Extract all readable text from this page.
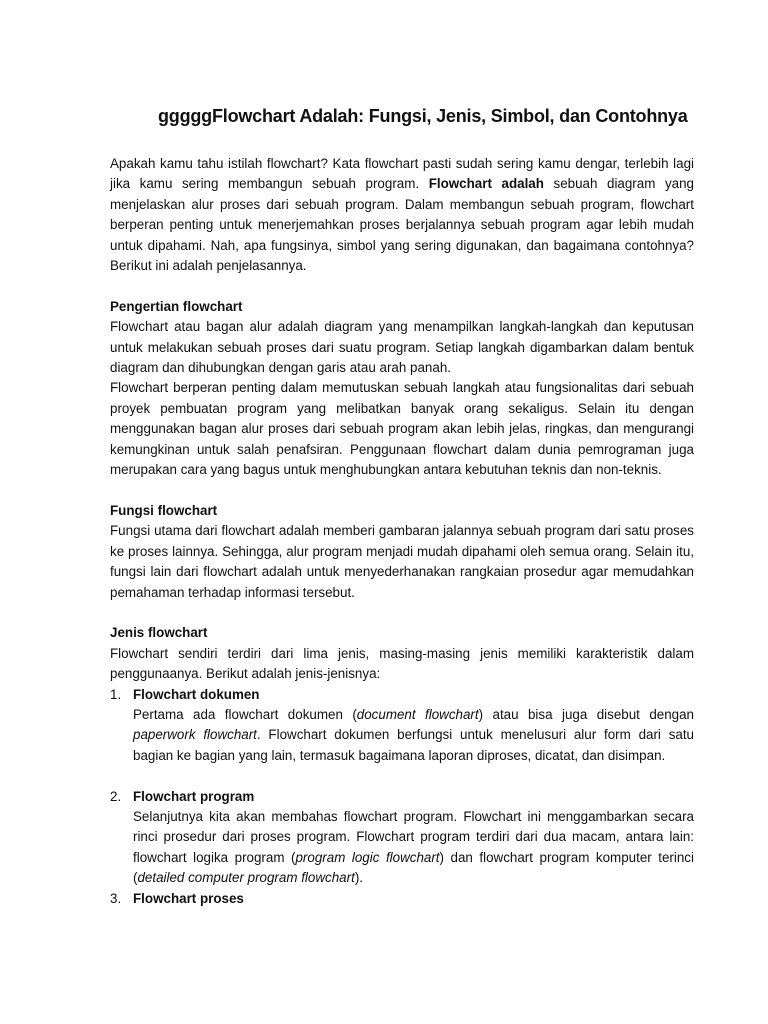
gggggFlowchart Adalah: Fungsi, Jenis, Simbol, dan Contohnya

Apakah kamu tahu istilah flowchart? Kata flowchart pasti sudah sering kamu dengar, terlebih lagi jika kamu sering membangun sebuah program. Flowchart adalah sebuah diagram yang menjelaskan alur proses dari sebuah program. Dalam membangun sebuah program, flowchart berperan penting untuk menerjemahkan proses berjalannya sebuah program agar lebih mudah untuk dipahami. Nah, apa fungsinya, simbol yang sering digunakan, dan bagaimana contohnya? Berikut ini adalah penjelasannya.

Pengertian flowchart

Flowchart atau bagan alur adalah diagram yang menampilkan langkah-langkah dan keputusan untuk melakukan sebuah proses dari suatu program. Setiap langkah digambarkan dalam bentuk diagram dan dihubungkan dengan garis atau arah panah.

Flowchart berperan penting dalam memutuskan sebuah langkah atau fungsionalitas dari sebuah proyek pembuatan program yang melibatkan banyak orang sekaligus. Selain itu dengan menggunakan bagan alur proses dari sebuah program akan lebih jelas, ringkas, dan mengurangi kemungkinan untuk salah penafsiran. Penggunaan flowchart dalam dunia pemrograman juga merupakan cara yang bagus untuk menghubungkan antara kebutuhan teknis dan non-teknis.

Fungsi flowchart

Fungsi utama dari flowchart adalah memberi gambaran jalannya sebuah program dari satu proses ke proses lainnya. Sehingga, alur program menjadi mudah dipahami oleh semua orang. Selain itu, fungsi lain dari flowchart adalah untuk menyederhanakan rangkaian prosedur agar memudahkan pemahaman terhadap informasi tersebut.

Jenis flowchart

Flowchart sendiri terdiri dari lima jenis, masing-masing jenis memiliki karakteristik dalam penggunaanya. Berikut adalah jenis-jenisnya:

1. Flowchart dokumen
Pertama ada flowchart dokumen (document flowchart) atau bisa juga disebut dengan paperwork flowchart. Flowchart dokumen berfungsi untuk menelusuri alur form dari satu bagian ke bagian yang lain, termasuk bagaimana laporan diproses, dicatat, dan disimpan.
2. Flowchart program
Selanjutnya kita akan membahas flowchart program. Flowchart ini menggambarkan secara rinci prosedur dari proses program. Flowchart program terdiri dari dua macam, antara lain: flowchart logika program (program logic flowchart) dan flowchart program komputer terinci (detailed computer program flowchart).
3. Flowchart proses
